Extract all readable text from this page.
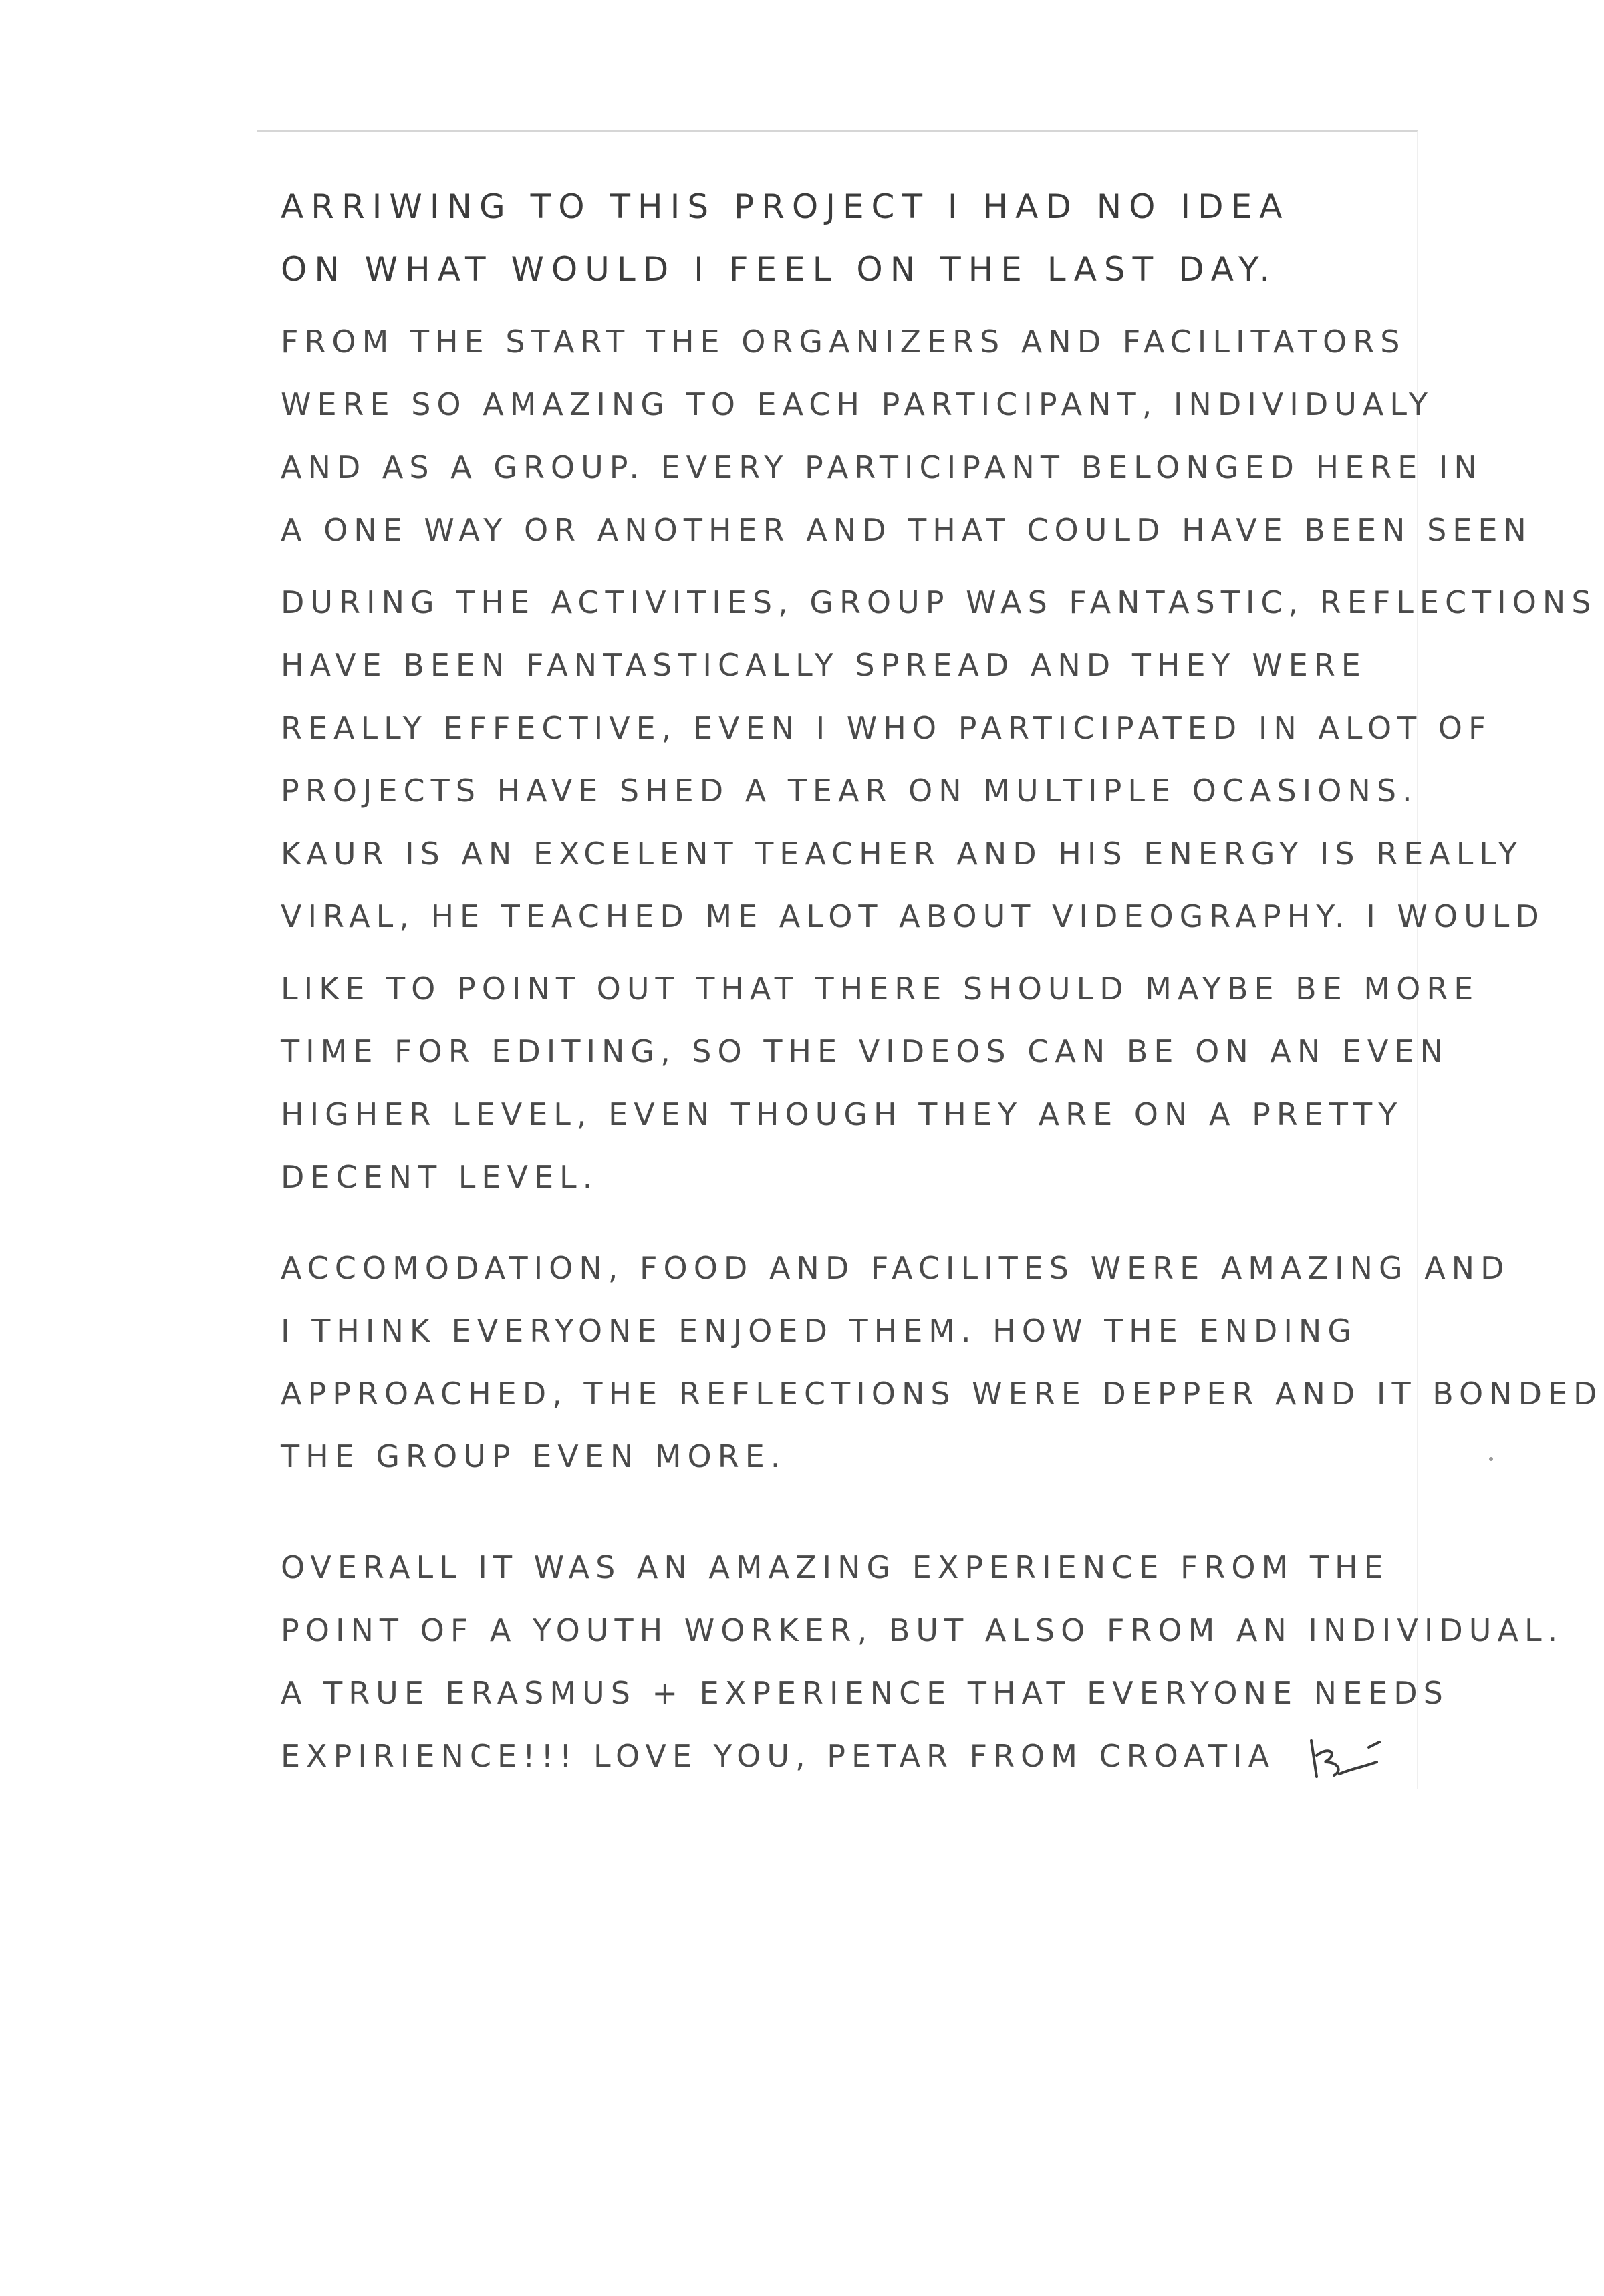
ARRIWING TO THIS PROJECT I HAD NO IDEA
ON WHAT WOULD I FEEL ON THE LAST DAY.
FROM THE START THE ORGANIZERS AND FACILITATORS
WERE SO AMAZING TO EACH PARTICIPANT, INDIVIDUALY
AND AS A GROUP. EVERY PARTICIPANT BELONGED HERE IN
A ONE WAY OR ANOTHER AND THAT COULD HAVE BEEN SEEN
DURING THE ACTIVITIES, GROUP WAS FANTASTIC, REFLECTIONS
HAVE BEEN FANTASTICALLY SPREAD AND THEY WERE
REALLY EFFECTIVE, EVEN I WHO PARTICIPATED IN ALOT OF
PROJECTS HAVE SHED A TEAR ON MULTIPLE OCASIONS.
KAUR IS AN EXCELENT TEACHER AND HIS ENERGY IS REALLY
VIRAL, HE TEACHED ME ALOT ABOUT VIDEOGRAPHY. I WOULD
LIKE TO POINT OUT THAT THERE SHOULD MAYBE BE MORE
TIME FOR EDITING, SO THE VIDEOS CAN BE ON AN EVEN
HIGHER LEVEL, EVEN THOUGH THEY ARE ON A PRETTY
DECENT LEVEL.
ACCOMODATION, FOOD AND FACILITES WERE AMAZING AND
I THINK EVERYONE ENJOED THEM. HOW THE ENDING
APPROACHED, THE REFLECTIONS WERE DEPPER AND IT BONDED
THE GROUP EVEN MORE.
OVERALL IT WAS AN AMAZING EXPERIENCE FROM THE
POINT OF A YOUTH WORKER, BUT ALSO FROM AN INDIVIDUAL.
A TRUE ERASMUS + EXPERIENCE THAT EVERYONE NEEDS
EXPIRIENCE!!! LOVE YOU, PETAR FROM CROATIA
